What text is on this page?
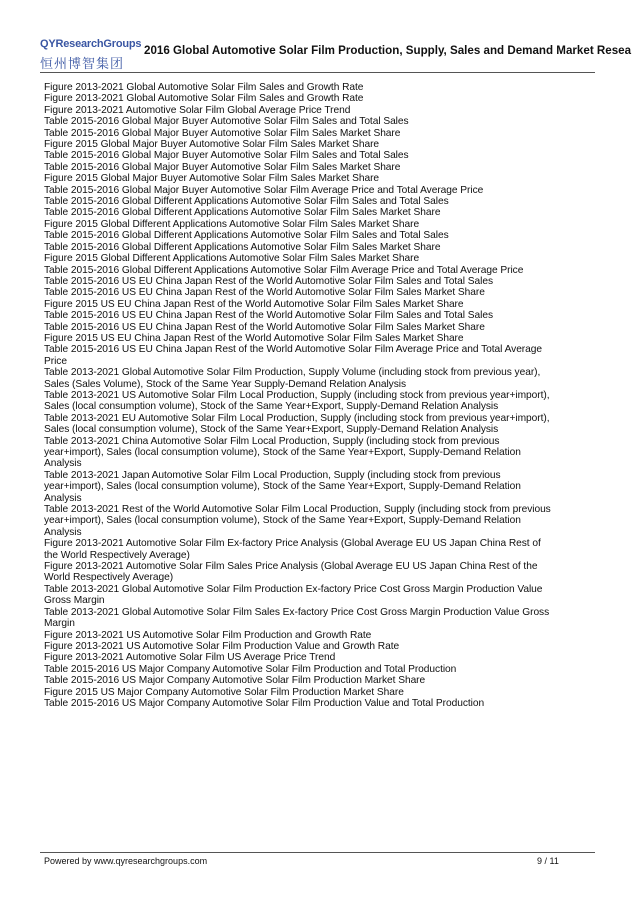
QYResearchGroups
恒州博智集团
2016 Global Automotive Solar Film Production, Supply, Sales and Demand Market Resea
Figure 2013-2021 Global Automotive Solar Film Sales and Growth Rate
Figure 2013-2021 Global Automotive Solar Film Sales and Growth Rate
Figure 2013-2021 Automotive Solar Film Global Average Price Trend
Table 2015-2016 Global Major Buyer Automotive Solar Film Sales and Total Sales
Table 2015-2016 Global Major Buyer Automotive Solar Film Sales Market Share
Figure 2015 Global Major Buyer Automotive Solar Film Sales Market Share
Table 2015-2016 Global Major Buyer Automotive Solar Film Sales and Total Sales
Table 2015-2016 Global Major Buyer Automotive Solar Film Sales Market Share
Figure 2015 Global Major Buyer Automotive Solar Film Sales Market Share
Table 2015-2016 Global Major Buyer Automotive Solar Film Average Price and Total Average Price
Table 2015-2016 Global Different Applications Automotive Solar Film Sales and Total Sales
Table 2015-2016 Global Different Applications Automotive Solar Film Sales Market Share
Figure 2015 Global Different Applications Automotive Solar Film Sales Market Share
Table 2015-2016 Global Different Applications Automotive Solar Film Sales and Total Sales
Table 2015-2016 Global Different Applications Automotive Solar Film Sales Market Share
Figure 2015 Global Different Applications Automotive Solar Film Sales Market Share
Table 2015-2016 Global Different Applications Automotive Solar Film Average Price and Total Average Price
Table 2015-2016 US EU China Japan Rest of the World Automotive Solar Film Sales and Total Sales
Table 2015-2016 US EU China Japan Rest of the World Automotive Solar Film Sales Market Share
Figure 2015 US EU China Japan Rest of the World Automotive Solar Film Sales Market Share
Table 2015-2016 US EU China Japan Rest of the World Automotive Solar Film Sales and Total Sales
Table 2015-2016 US EU China Japan Rest of the World Automotive Solar Film Sales Market Share
Figure 2015 US EU China Japan Rest of the World Automotive Solar Film Sales Market Share
Table 2015-2016 US EU China Japan Rest of the World Automotive Solar Film Average Price and Total Average
Price
Table 2013-2021 Global Automotive Solar Film Production, Supply Volume (including stock from previous year),
Sales (Sales Volume), Stock of the Same Year Supply-Demand Relation Analysis
Table 2013-2021 US Automotive Solar Film Local Production, Supply (including stock from previous year+import),
Sales (local consumption volume), Stock of the Same Year+Export, Supply-Demand Relation Analysis
Table 2013-2021 EU Automotive Solar Film Local Production, Supply (including stock from previous year+import),
Sales (local consumption volume), Stock of the Same Year+Export, Supply-Demand Relation Analysis
Table 2013-2021 China Automotive Solar Film Local Production, Supply (including stock from previous
year+import), Sales (local consumption volume), Stock of the Same Year+Export, Supply-Demand Relation
Analysis
Table 2013-2021 Japan Automotive Solar Film Local Production, Supply (including stock from previous
year+import), Sales (local consumption volume), Stock of the Same Year+Export, Supply-Demand Relation
Analysis
Table 2013-2021 Rest of the World Automotive Solar Film Local Production, Supply (including stock from previous
year+import), Sales (local consumption volume), Stock of the Same Year+Export, Supply-Demand Relation
Analysis
Figure 2013-2021 Automotive Solar Film Ex-factory Price Analysis (Global Average EU US Japan China Rest of
the World Respectively Average)
Figure 2013-2021 Automotive Solar Film Sales Price Analysis (Global Average EU US Japan China Rest of the
World Respectively Average)
Table 2013-2021 Global Automotive Solar Film Production Ex-factory Price Cost Gross Margin Production Value
Gross Margin
Table 2013-2021 Global Automotive Solar Film Sales Ex-factory Price Cost Gross Margin Production Value Gross
Margin
Figure 2013-2021 US Automotive Solar Film Production and Growth Rate
Figure 2013-2021 US Automotive Solar Film Production Value and Growth Rate
Figure 2013-2021 Automotive Solar Film US Average Price Trend
Table 2015-2016 US Major Company Automotive Solar Film Production and Total Production
Table 2015-2016 US Major Company Automotive Solar Film Production Market Share
Figure 2015 US Major Company Automotive Solar Film Production Market Share
Table 2015-2016 US Major Company Automotive Solar Film Production Value and Total Production
Powered by www.qyresearchgroups.com	9 / 11
